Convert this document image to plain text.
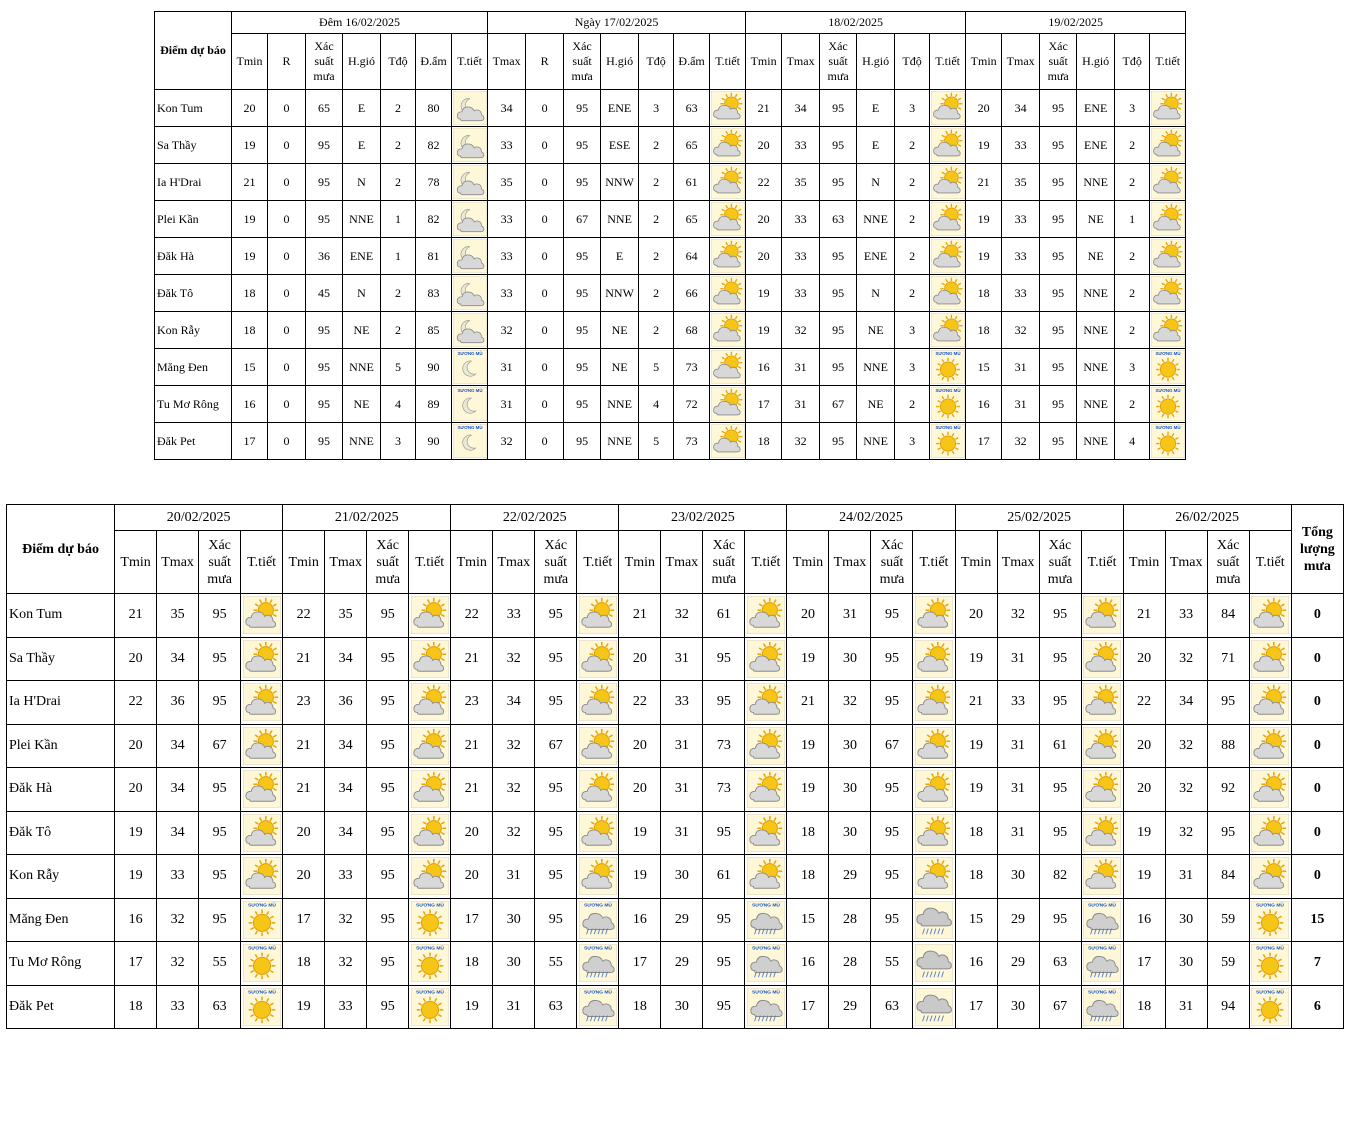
Điểm dự báo	Đêm 16/02/2025							Ngày 17/02/2025							18/02/2025						19/02/2025					
	Tmin	R	Xác suất mưa	H.gió	Tđộ	Đ.ẩm	T.tiết	Tmax	R	Xác suất mưa	H.gió	Tđộ	Đ.ẩm	T.tiết	Tmin	Tmax	Xác suất mưa	H.gió	Tđộ	T.tiết	Tmin	Tmax	Xác suất mưa	H.gió	Tđộ	T.tiết
Kon Tum	20	0	65	E	2	80		34	0	95	ENE	3	63		21	34	95	E	3		20	34	95	ENE	3	

Sa Thầy	19	0	95	E	2	82		33	0	95	ESE	2	65		20	33	95	E	2		19	33	95	ENE	2	

Ia H'Drai	21	0	95	N	2	78		35	0	95	NNW	2	61		22	35	95	N	2		21	35	95	NNE	2	

Plei Kần	19	0	95	NNE	1	82		33	0	67	NNE	2	65		20	33	63	NNE	2		19	33	95	NE	1	

Đăk Hà	19	0	36	ENE	1	81		33	0	95	E	2	64		20	33	95	ENE	2		19	33	95	NE	2	

Đăk Tô	18	0	45	N	2	83		33	0	95	NNW	2	66		19	33	95	N	2		18	33	95	NNE	2	

Kon Rẫy	18	0	95	NE	2	85		32	0	95	NE	2	68		19	32	95	NE	3		18	32	95	NNE	2	

Măng Đen	15	0	95	NNE	5	90	SƯƠNG MÙ	31	0	95	NE	5	73		16	31	95	NNE	3	SƯƠNG MÙ	15	31	95	NNE	3	SƯƠNG MÙ

Tu Mơ Rông	16	0	95	NE	4	89	SƯƠNG MÙ	31	0	95	NNE	4	72		17	31	67	NE	2	SƯƠNG MÙ	16	31	95	NNE	2	SƯƠNG MÙ

Đăk Pet	17	0	95	NNE	3	90	SƯƠNG MÙ	32	0	95	NNE	5	73		18	32	95	NNE	3	SƯƠNG MÙ	17	32	95	NNE	4	SƯƠNG MÙ
Điểm dự báo	20/02/2025				21/02/2025				22/02/2025				23/02/2025				24/02/2025				25/02/2025				26/02/2025				Tổng lượng mưa
	Tmin	Tmax	Xác suất mưa	T.tiết	Tmin	Tmax	Xác suất mưa	T.tiết	Tmin	Tmax	Xác suất mưa	T.tiết	Tmin	Tmax	Xác suất mưa	T.tiết	Tmin	Tmax	Xác suất mưa	T.tiết	Tmin	Tmax	Xác suất mưa	T.tiết	Tmin	Tmax	Xác suất mưa	T.tiết	
Kon Tum	21	35	95		22	35	95		22	33	95		21	32	61		20	31	95		20	32	95		21	33	84		0
Sa Thầy	20	34	95		21	34	95		21	32	95		20	31	95		19	30	95		19	31	95		20	32	71		0
Ia H'Drai	22	36	95		23	36	95		23	34	95		22	33	95		21	32	95		21	33	95		22	34	95		0
Plei Kần	20	34	67		21	34	95		21	32	67		20	31	73		19	30	67		19	31	61		20	32	88		0
Đăk Hà	20	34	95		21	34	95		21	32	95		20	31	73		19	30	95		19	31	95		20	32	92		0
Đăk Tô	19	34	95		20	34	95		20	32	95		19	31	95		18	30	95		18	31	95		19	32	95		0
Kon Rẫy	19	33	95		20	33	95		20	31	95		19	30	61		18	29	95		18	30	82		19	31	84		0
Măng Đen	16	32	95	SƯƠNG MÙ	17	32	95	SƯƠNG MÙ	17	30	95	SƯƠNG MÙ	16	29	95	SƯƠNG MÙ	15	28	95		15	29	95	SƯƠNG MÙ	16	30	59	SƯƠNG MÙ	15
Tu Mơ Rông	17	32	55	SƯƠNG MÙ	18	32	95	SƯƠNG MÙ	18	30	55	SƯƠNG MÙ	17	29	95	SƯƠNG MÙ	16	28	55		16	29	63	SƯƠNG MÙ	17	30	59	SƯƠNG MÙ	7
Đăk Pet	18	33	63	SƯƠNG MÙ	19	33	95	SƯƠNG MÙ	19	31	63	SƯƠNG MÙ	18	30	95	SƯƠNG MÙ	17	29	63		17	30	67	SƯƠNG MÙ	18	31	94	SƯƠNG MÙ	6
